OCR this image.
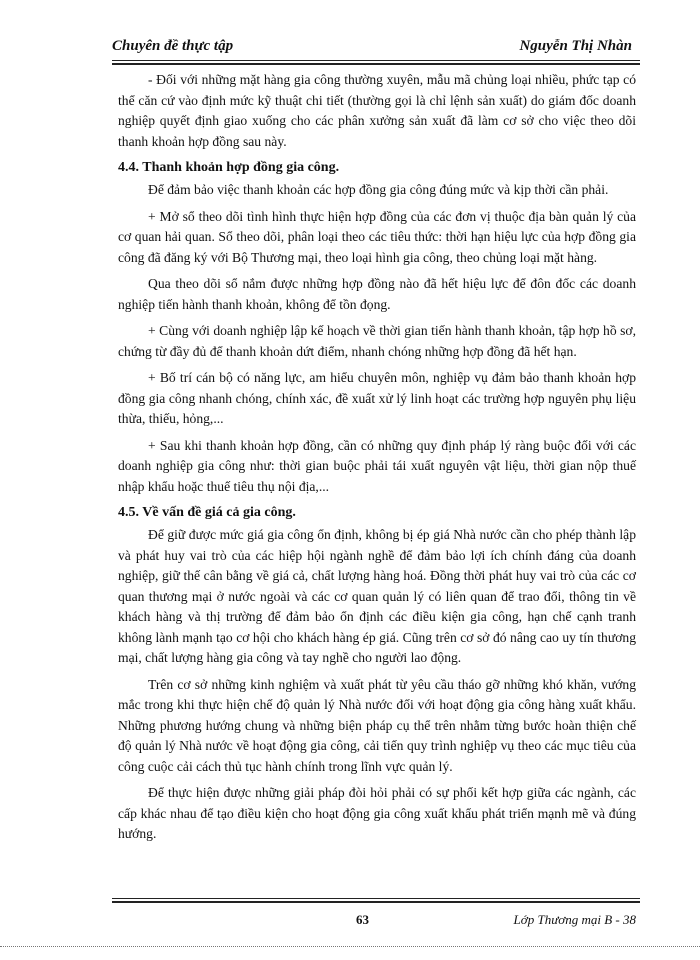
Chuyên đề thực tập	Nguyễn Thị Nhàn

- Đối với những mặt hàng gia công thường xuyên, mẫu mã chủng loại nhiều, phức tạp có thể căn cứ vào định mức kỹ thuật chi tiết (thường gọi là chỉ lệnh sản xuất) do giám đốc doanh nghiệp quyết định giao xuống cho các phân xưởng sản xuất đã làm cơ sở cho việc theo dõi thanh khoản hợp đồng sau này.

4.4. Thanh khoản hợp đồng gia công.

Để đảm bảo việc thanh khoản các hợp đồng gia công đúng mức và kịp thời cần phải.

+ Mở sổ theo dõi tình hình thực hiện hợp đồng của các đơn vị thuộc địa bàn quản lý của cơ quan hải quan. Sổ theo dõi, phân loại theo các tiêu thức: thời hạn hiệu lực của hợp đồng gia công đã đăng ký với Bộ Thương mại, theo loại hình gia công, theo chủng loại mặt hàng.

Qua theo dõi sổ nắm được những hợp đồng nào đã hết hiệu lực để đôn đốc các doanh nghiệp tiến hành thanh khoản, không để tồn đọng.

+ Cùng với doanh nghiệp lập kế hoạch về thời gian tiến hành thanh khoản, tập hợp hồ sơ, chứng từ đầy đủ để thanh khoản dứt điểm, nhanh chóng những hợp đồng đã hết hạn.

+ Bố trí cán bộ có năng lực, am hiểu chuyên môn, nghiệp vụ đảm bảo thanh khoản hợp đồng gia công nhanh chóng, chính xác, đề xuất xử lý linh hoạt các trường hợp nguyên phụ liệu thừa, thiếu, hỏng,...

+ Sau khi thanh khoản hợp đồng, cần có những quy định pháp lý ràng buộc đối với các doanh nghiệp gia công như: thời gian buộc phải tái xuất nguyên vật liệu, thời gian nộp thuế nhập khẩu hoặc thuế tiêu thụ nội địa,...

4.5. Về vấn đề giá cả gia công.

Để giữ được mức giá gia công ổn định, không bị ép giá Nhà nước cần cho phép thành lập và phát huy vai trò của các hiệp hội ngành nghề để đảm bảo lợi ích chính đáng của doanh nghiệp, giữ thế cân bằng về giá cả, chất lượng hàng hoá. Đồng thời phát huy vai trò của các cơ quan thương mại ở nước ngoài và các cơ quan quản lý có liên quan để trao đổi, thông tin về khách hàng và thị trường để đảm bảo ổn định các điều kiện gia công, hạn chế cạnh tranh không lành mạnh tạo cơ hội cho khách hàng ép giá. Cũng trên cơ sở đó nâng cao uy tín thương mại, chất lượng hàng gia công và tay nghề cho người lao động.

Trên cơ sở những kinh nghiệm và xuất phát từ yêu cầu tháo gỡ những khó khăn, vướng mắc trong khi thực hiện chế độ quản lý Nhà nước đối với hoạt động gia công hàng xuất khẩu. Những phương hướng chung và những biện pháp cụ thể trên nhằm từng bước hoàn thiện chế độ quản lý Nhà nước về hoạt động gia công, cải tiến quy trình nghiệp vụ theo các mục tiêu của công cuộc cải cách thủ tục hành chính trong lĩnh vực quản lý.

Để thực hiện được những giải pháp đòi hỏi phải có sự phối kết hợp giữa các ngành, các cấp khác nhau để tạo điều kiện cho hoạt động gia công xuất khẩu phát triển mạnh mẽ và đúng hướng.

63	Lớp Thương mại B - 38
